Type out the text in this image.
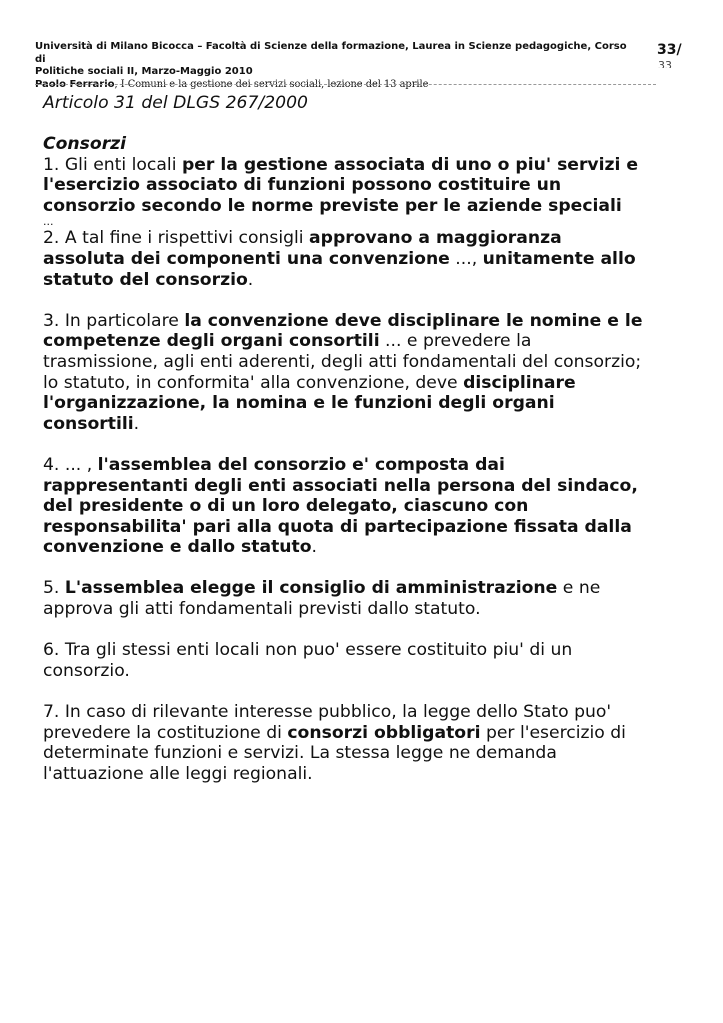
Università di Milano Bicocca – Facoltà di Scienze della formazione, Laurea in Scienze pedagogiche, Corso di
Politiche sociali II, Marzo-Maggio 2010
Paolo Ferrario, I Comuni e la gestione dei servizi sociali, lezione del 13 aprile
33/
33

Articolo 31 del DLGS 267/2000

Consorzi

1. Gli enti locali per la gestione associata di uno o piu' servizi e l'esercizio associato di funzioni possono costituire un consorzio secondo le norme previste per le aziende speciali

...

2. A tal fine i rispettivi consigli approvano a maggioranza assoluta dei componenti una convenzione ..., unitamente allo statuto del consorzio.

3. In particolare la convenzione deve disciplinare le nomine e le competenze degli organi consortili ... e prevedere la trasmissione, agli enti aderenti, degli atti fondamentali del consorzio; lo statuto, in conformita' alla convenzione, deve disciplinare l'organizzazione, la nomina e le funzioni degli organi consortili.

4. ... , l'assemblea del consorzio e' composta dai rappresentanti degli enti associati nella persona del sindaco, del presidente o di un loro delegato, ciascuno con responsabilita' pari alla quota di partecipazione fissata dalla convenzione e dallo statuto.

5. L'assemblea elegge il consiglio di amministrazione e ne approva gli atti fondamentali previsti dallo statuto.

6. Tra gli stessi enti locali non puo' essere costituito piu' di un consorzio.

7. In caso di rilevante interesse pubblico, la legge dello Stato puo' prevedere la costituzione di consorzi obbligatori per l'esercizio di determinate funzioni e servizi. La stessa legge ne demanda l'attuazione alle leggi regionali.
